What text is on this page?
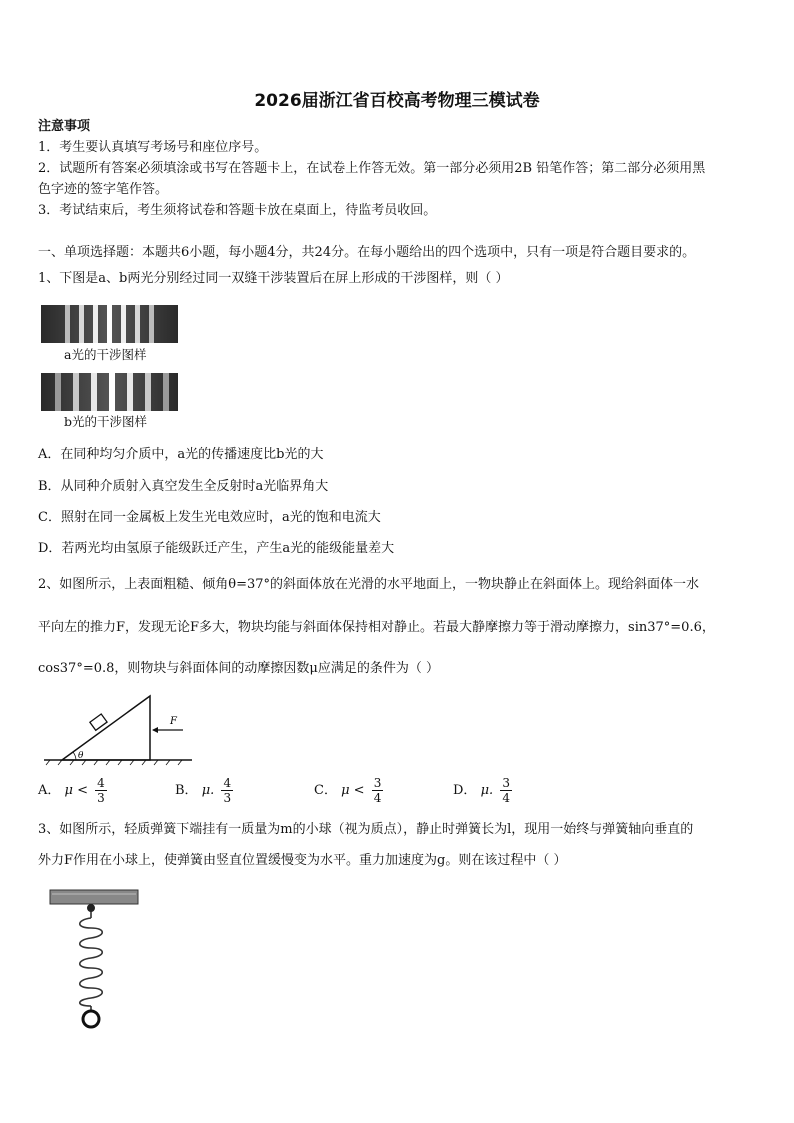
2026届浙江省百校高考物理三模试卷
注意事项
1．考生要认真填写考场号和座位序号。
2．试题所有答案必须填涂或书写在答题卡上，在试卷上作答无效。第一部分必须用2B 铅笔作答；第二部分必须用黑
色字迹的签字笔作答。
3．考试结束后，考生须将试卷和答题卡放在桌面上，待监考员收回。
一、单项选择题：本题共6小题，每小题4分，共24分。在每小题给出的四个选项中，只有一项是符合题目要求的。
1、下图是a、b两光分别经过同一双缝干涉装置后在屏上形成的干涉图样，则（ ）
a光的干涉图样
b光的干涉图样
A．在同种均匀介质中，a光的传播速度比b光的大
B．从同种介质射入真空发生全反射时a光临界角大
C．照射在同一金属板上发生光电效应时，a光的饱和电流大
D．若两光均由氢原子能级跃迁产生，产生a光的能级能量差大
2、如图所示，上表面粗糙、倾角θ=37°的斜面体放在光滑的水平地面上，一物块静止在斜面体上。现给斜面体一水
平向左的推力F，发现无论F多大，物块均能与斜面体保持相对静止。若最大静摩擦力等于滑动摩擦力，sin37°=0.6，
cos37°=0.8，则物块与斜面体间的动摩擦因数μ应满足的条件为（ ）
θ
F
A． $\mu < \frac{4}{3}$	B． μ. $\frac{4}{3}$	C． $\mu < \frac{3}{4}$	D． μ. $\frac{3}{4}$
3、如图所示，轻质弹簧下端挂有一质量为m的小球（视为质点），静止时弹簧长为l，现用一始终与弹簧轴向垂直的
外力F作用在小球上，使弹簧由竖直位置缓慢变为水平。重力加速度为g。则在该过程中（ ）
